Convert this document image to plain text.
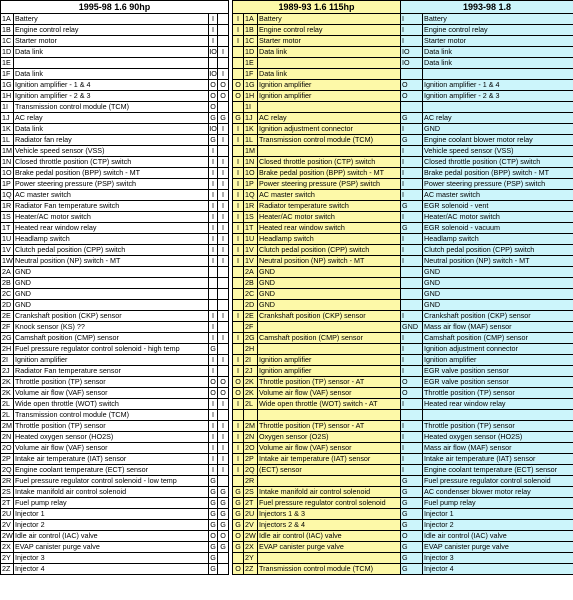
1995-98 1.6 90hp					1989-93 1.6 115hp			1993-98 1.8	
1A	Battery	I			I	1A	Battery	I	Battery
1B	Engine control relay	I			I	1B	Engine control relay	I	Engine control relay
1C	Starter motor	I			I	1C	Starter motor	I	Starter motor
1D	Data link	IO	I			1D	Data link	IO	Data link
1E						1E		IO	Data link
1F	Data link	IO	I			1F	Data link		
1G	Ignition amplifier - 1 & 4	O	O		O	1G	Ignition amplifier	O	Ignition amplifier - 1 & 4
1H	Ignition amplifier - 2 & 3	O	O		O	1H	Ignition amplifier	O	Ignition amplifier - 2 & 3
1I	Transmission control module (TCM)	O				1I			
1J	AC relay	G	G		G	1J	AC relay	G	AC relay
1K	Data link	IO	I		I	1K	Ignition adjustment connector	I	GND
1L	Radiator fan relay	G	I		I	1L	Transmission control module (TCM)	G	Engine coolant blower motor relay
1M	Vehicle speed sensor (VSS)	I				1M		I	Vehicle speed sensor (VSS)
1N	Closed throttle position (CTP) switch	I	I		I	1N	Closed throttle position (CTP) switch	I	Closed throttle position (CTP) switch
1O	Brake pedal position (BPP) switch - MT	I	I		I	1O	Brake pedal position (BPP) switch - MT	I	Brake pedal position (BPP) switch - MT
1P	Power steering pressure (PSP) switch	I	I		I	1P	Power steering pressure (PSP) switch	I	Power steering pressure (PSP) switch
1Q	AC master switch	I	I		I	1Q	AC master switch	I	AC master switch
1R	Radiator Fan temperature switch	I	I		I	1R	Radiator temperature switch	G	EGR solenoid - vent
1S	Heater/AC motor switch	I	I		I	1S	Heater/AC motor switch	I	Heater/AC motor switch
1T	Heated rear window relay	I	I		I	1T	Heated rear window switch	G	EGR solenoid - vacuum
1U	Headlamp switch	I	I		I	1U	Headlamp switch	I	Headlamp switch
1V	Clutch pedal position (CPP) switch	I	I		I	1V	Clutch pedal position (CPP) switch	I	Clutch pedal position (CPP) switch
1W	Neutral position (NP) switch - MT	I	I		I	1V	Neutral position (NP) switch - MT	I	Neutral position (NP) switch - MT
2A	GND					2A	GND		GND
2B	GND					2B	GND		GND
2C	GND					2C	GND		GND
2D	GND					2D	GND		GND
2E	Crankshaft position (CKP) sensor	I	I		I	2E	Crankshaft position (CKP) sensor	I	Crankshaft position (CKP) sensor
2F	Knock sensor (KS) ??	I				2F		GND	Mass air flow (MAF) sensor
2G	Camshaft position (CMP) sensor	I	I		I	2G	Camshaft position (CMP) sensor	I	Camshaft position (CMP) sensor
2H	Fuel pressure regulator control solenoid - high temp	G				2H		I	Ignition adjustment connector
2I	Ignition amplifier	I	I		I	2I	Ignition amplifier	I	Ignition amplifier
2J	Radiator Fan temperature sensor	I			I	2J	Ignition amplifier	I	EGR valve position sensor
2K	Throttle position (TP) sensor	O	O		O	2K	Throttle position (TP) sensor - AT	O	EGR valve position sensor
2K	Volume air flow (VAF) sensor	O	O		O	2K	Volume air flow (VAF) sensor	O	Throttle position (TP) sensor
2L	Wide open throttle (WOT) switch	I	I		I	2L	Wide open throttle (WOT) switch - AT	I	Heated rear window relay
2L	Transmission control module (TCM)	I							
2M	Throttle position (TP) sensor	I	I		I	2M	Throttle position (TP) sensor - AT	I	Throttle position (TP) sensor
2N	Heated oxygen sensor (HO2S)	I	I		I	2N	Oxygen sensor (O2S)	I	Heated oxygen sensor (HO2S)
2O	Volume air flow (VAF) sensor	I	I		I	2O	Volume air flow (VAF) sensor	I	Mass air flow (MAF) sensor
2P	Intake air temperature (IAT) sensor	I	I		I	2P	Intake air temperature (IAT) sensor	I	Intake air temperature (IAT) sensor
2Q	Engine coolant temperature (ECT) sensor	I	I		I	2Q	(ECT) sensor	I	Engine coolant temperature (ECT) sensor
2R	Fuel pressure regulator control solenoid - low temp	G				2R		G	Fuel pressure regulator control solenoid
2S	Intake manifold air control solenoid	G	G		G	2S	Intake manifold air control solenoid	G	AC condenser blower motor relay
2T	Fuel pump relay	G	G		G	2T	Fuel pressure regulator control solenoid	G	Fuel pump relay
2U	Injector 1	G	G		G	2U	Injectors 1 & 3	G	Injector 1
2V	Injector 2	G	G		G	2V	Injectors 2 & 4	G	Injector 2
2W	Idle air control (IAC) valve	O	O		O	2W	Idle air control (IAC) valve	O	Idle air control (IAC) valve
2X	EVAP canister purge valve	G	G		G	2X	EVAP canister purge valve	G	EVAP canister purge valve
2Y	Injector 3	G				2Y		G	Injector 3
2Z	Injector 4	G			O	2Z	Transmission control module (TCM)	G	Injector 4
